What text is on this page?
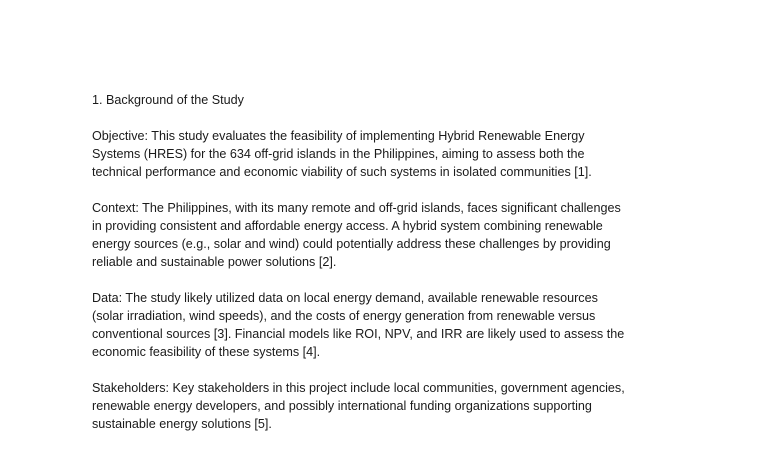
1. Background of the Study
Objective: This study evaluates the feasibility of implementing Hybrid Renewable Energy
Systems (HRES) for the 634 off-grid islands in the Philippines, aiming to assess both the
technical performance and economic viability of such systems in isolated communities [1].
Context: The Philippines, with its many remote and off-grid islands, faces significant challenges
in providing consistent and affordable energy access. A hybrid system combining renewable
energy sources (e.g., solar and wind) could potentially address these challenges by providing
reliable and sustainable power solutions [2].
Data: The study likely utilized data on local energy demand, available renewable resources
(solar irradiation, wind speeds), and the costs of energy generation from renewable versus
conventional sources [3]. Financial models like ROI, NPV, and IRR are likely used to assess the
economic feasibility of these systems [4].
Stakeholders: Key stakeholders in this project include local communities, government agencies,
renewable energy developers, and possibly international funding organizations supporting
sustainable energy solutions [5].
